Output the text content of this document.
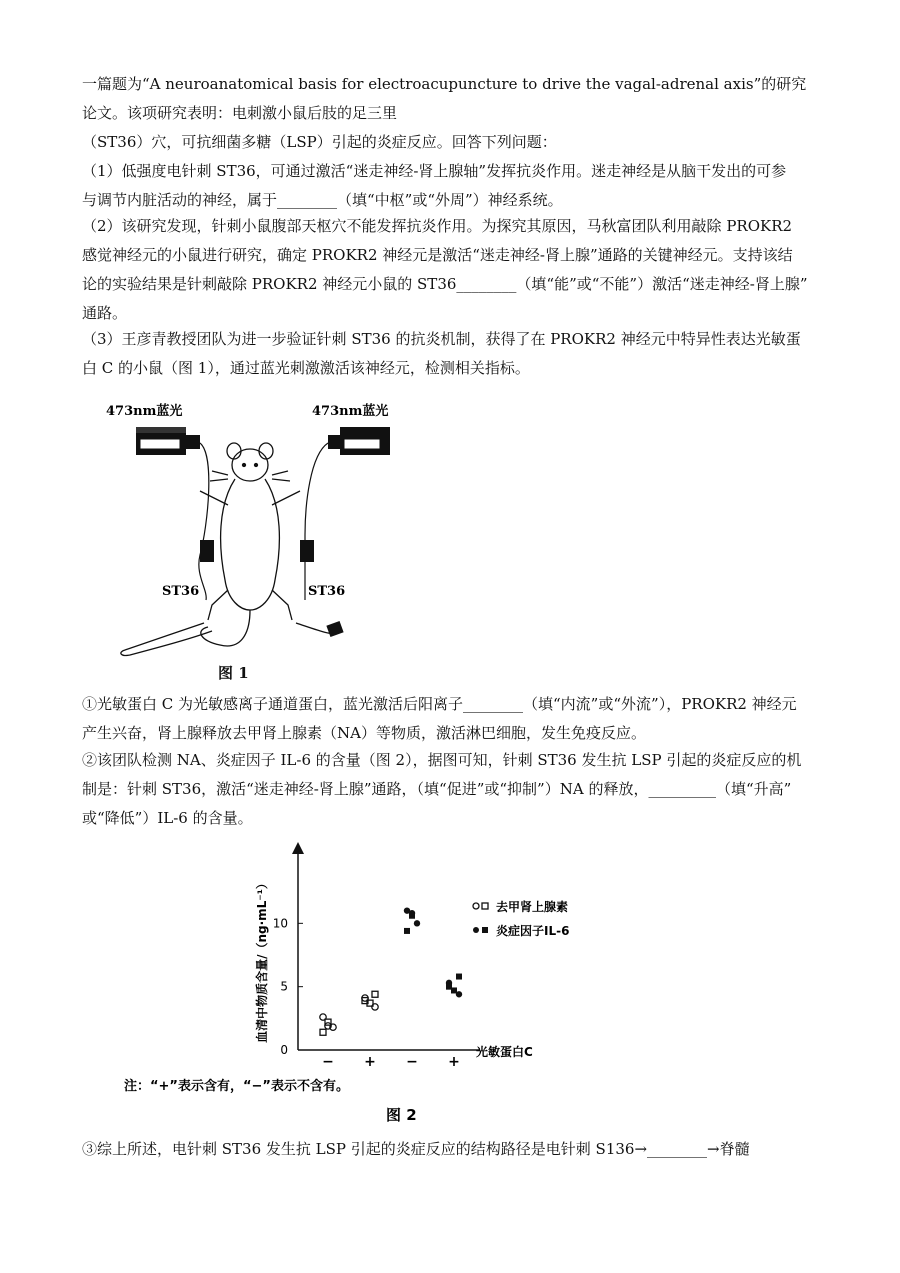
一篇题为“A neuroanatomical basis for electroacupuncture to drive the vagal-adrenal axis”的研究
论文。该项研究表明：电刺激小鼠后肢的足三里
（ST36）穴，可抗细菌多糖（LSP）引起的炎症反应。回答下列问题：
（1）低强度电针刺 ST36，可通过激活“迷走神经-肾上腺轴”发挥抗炎作用。迷走神经是从脑干发出的可参
与调节内脏活动的神经，属于________（填“中枢”或“外周”）神经系统。
（2）该研究发现，针刺小鼠腹部天枢穴不能发挥抗炎作用。为探究其原因，马秋富团队利用敲除 PROKR2
感觉神经元的小鼠进行研究，确定 PROKR2 神经元是激活“迷走神经-肾上腺”通路的关键神经元。支持该结
论的实验结果是针刺敲除 PROKR2 神经元小鼠的 ST36________（填“能”或“不能”）激活“迷走神经-肾上腺”
通路。
（3）王彦青教授团队为进一步验证针刺 ST36 的抗炎机制，获得了在 PROKR2 神经元中特异性表达光敏蛋
白 C 的小鼠（图 1），通过蓝光刺激激活该神经元，检测相关指标。
473nm蓝光	473nm蓝光
ST36	ST36
图 1
①光敏蛋白 C 为光敏感离子通道蛋白，蓝光激活后阳离子________（填“内流”或“外流”），PROKR2 神经元
产生兴奋，肾上腺释放去甲肾上腺素（NA）等物质，激活淋巴细胞，发生免疫反应。
②该团队检测 NA、炎症因子 IL-6 的含量（图 2），据图可知，针刺 ST36 发生抗 LSP 引起的炎症反应的机
制是：针刺 ST36，激活“迷走神经-肾上腺”通路，（填“促进”或“抑制”）NA 的释放，_________（填“升高”
或“降低”）IL-6 的含量。
血清中物质含量/（ng·mL⁻¹）
光敏蛋白C
0
5
10
− + − +
去甲肾上腺素
炎症因子IL-6
注：“+”表示含有，“−”表示不含有。
图 2
③综上所述，电针刺 ST36 发生抗 LSP 引起的炎症反应的结构路径是电针刺 S136→________→脊髓
